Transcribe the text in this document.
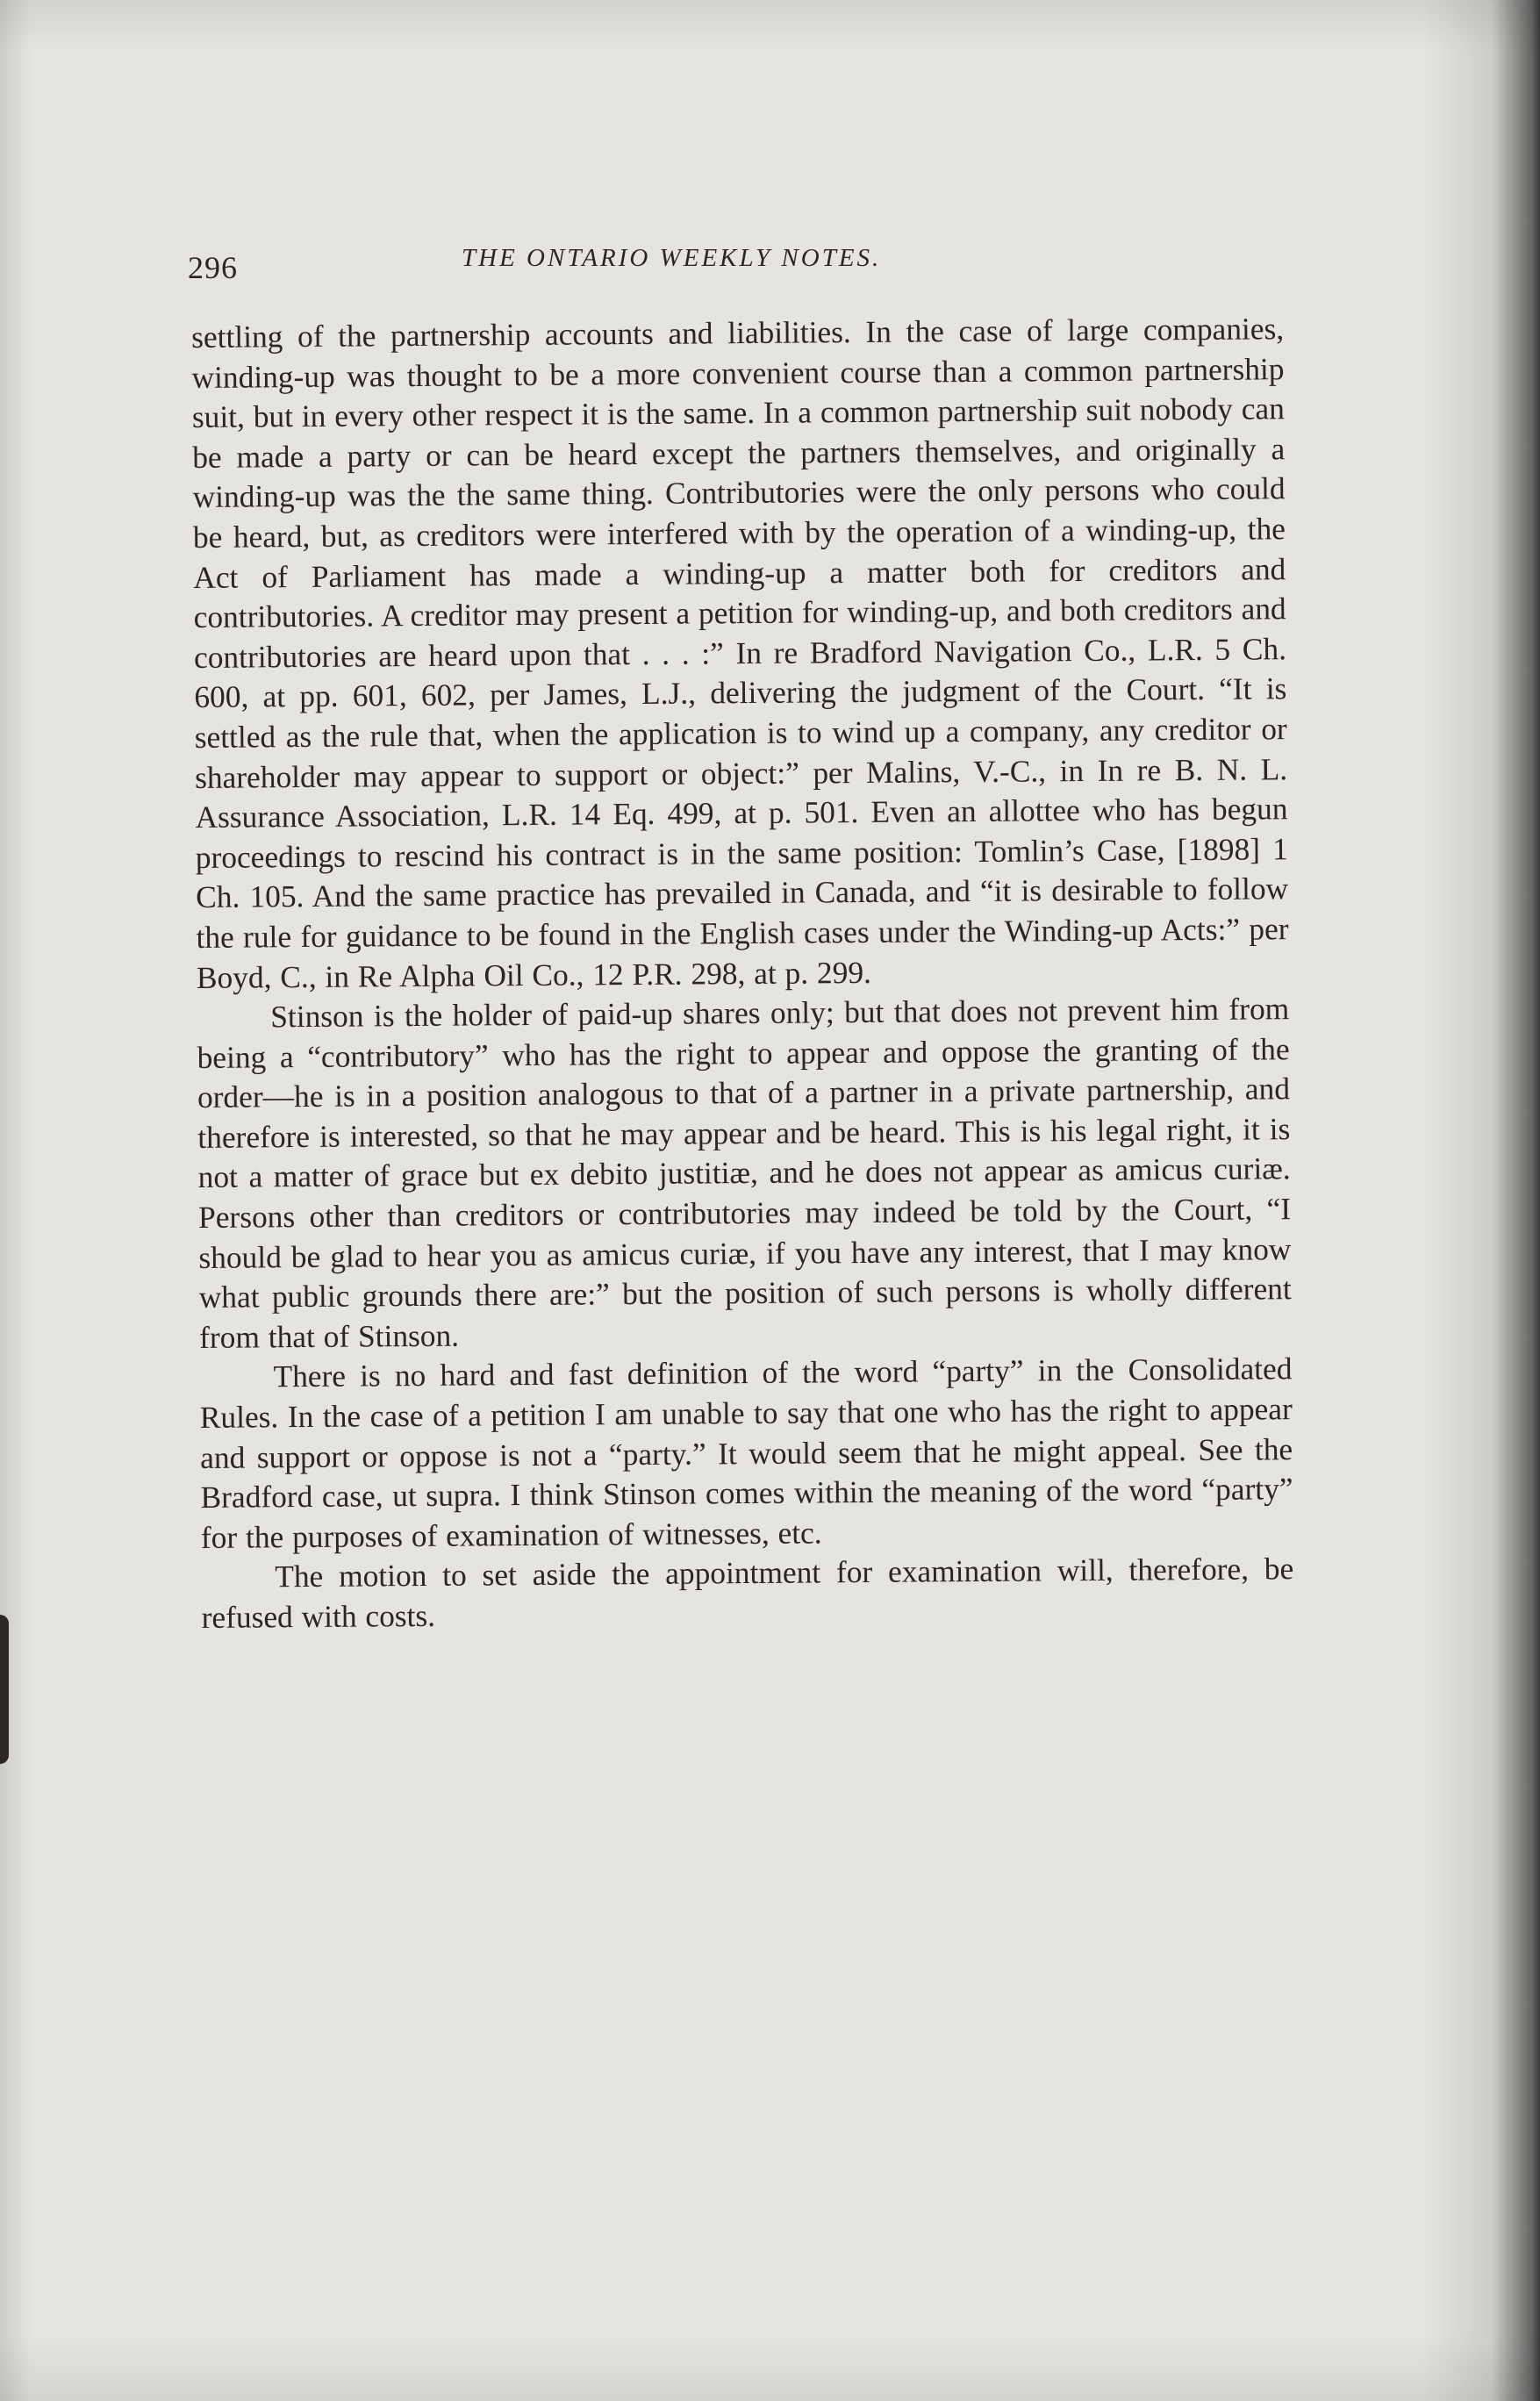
296	THE ONTARIO WEEKLY NOTES.

settling of the partnership accounts and liabilities. In the case of large companies, winding-up was thought to be a more convenient course than a common partnership suit, but in every other respect it is the same. In a common partnership suit nobody can be made a party or can be heard except the partners themselves, and originally a winding-up was the the same thing. Contributories were the only persons who could be heard, but, as creditors were interfered with by the operation of a winding-up, the Act of Parliament has made a winding-up a matter both for creditors and contributories. A creditor may present a petition for winding-up, and both creditors and contributories are heard upon that . . . :” In re Bradford Navigation Co., L.R. 5 Ch. 600, at pp. 601, 602, per James, L.J., delivering the judgment of the Court. “It is settled as the rule that, when the application is to wind up a company, any creditor or shareholder may appear to support or object:” per Malins, V.-C., in In re B. N. L. Assurance Association, L.R. 14 Eq. 499, at p. 501. Even an allottee who has begun proceedings to rescind his contract is in the same position: Tomlin’s Case, [1898] 1 Ch. 105. And the same practice has prevailed in Canada, and “it is desirable to follow the rule for guidance to be found in the English cases under the Winding-up Acts:” per Boyd, C., in Re Alpha Oil Co., 12 P.R. 298, at p. 299.

Stinson is the holder of paid-up shares only; but that does not prevent him from being a “contributory” who has the right to appear and oppose the granting of the order—he is in a position analogous to that of a partner in a private partnership, and therefore is interested, so that he may appear and be heard. This is his legal right, it is not a matter of grace but ex debito justitiæ, and he does not appear as amicus curiæ. Persons other than creditors or contributories may indeed be told by the Court, “I should be glad to hear you as amicus curiæ, if you have any interest, that I may know what public grounds there are:” but the position of such persons is wholly different from that of Stinson.

There is no hard and fast definition of the word “party” in the Consolidated Rules. In the case of a petition I am unable to say that one who has the right to appear and support or oppose is not a “party.” It would seem that he might appeal. See the Bradford case, ut supra. I think Stinson comes within the meaning of the word “party” for the purposes of examination of witnesses, etc.

The motion to set aside the appointment for examination will, therefore, be refused with costs.
